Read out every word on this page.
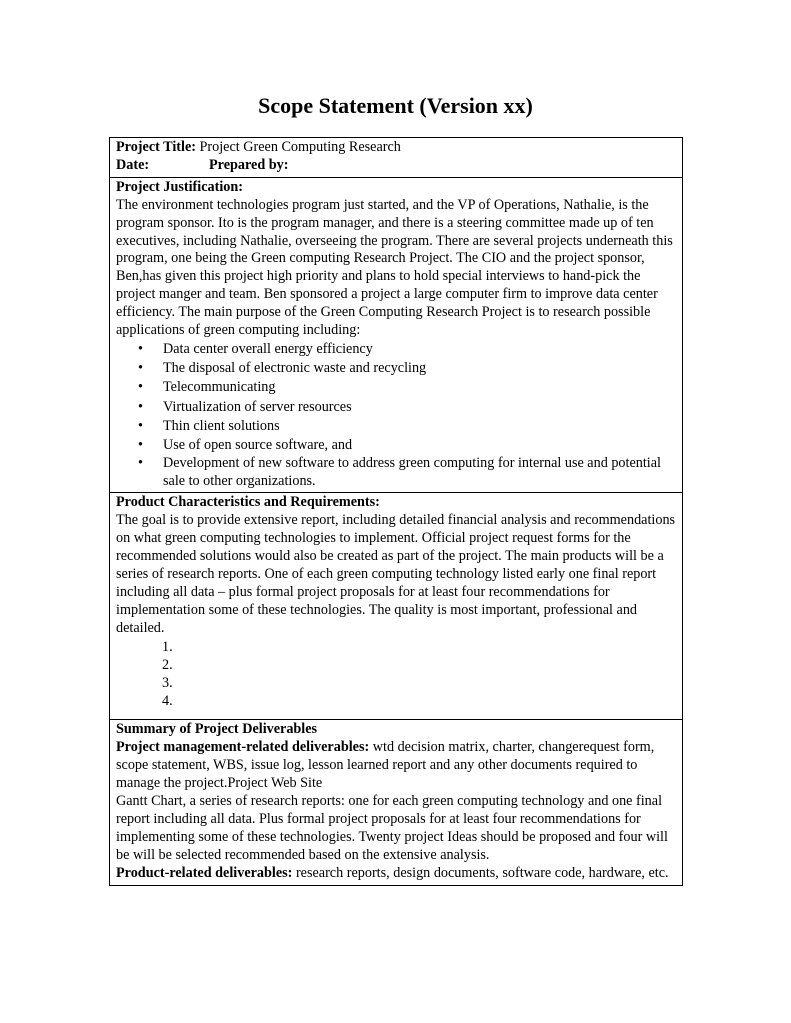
Scope Statement (Version xx)
Project Title: Project Green Computing Research
Date:	Prepared by:

Project Justification:
The environment technologies program just started, and the VP of Operations, Nathalie, is the program sponsor. Ito is the program manager, and there is a steering committee made up of ten executives, including Nathalie, overseeing the program. There are several projects underneath this program, one being the Green computing Research Project. The CIO and the project sponsor, Ben,has given this project high priority and plans to hold special interviews to hand-pick the project manger and team. Ben sponsored a project a large computer firm to improve data center efficiency. The main purpose of the Green Computing Research Project is to research possible applications of green computing including:
• Data center overall energy efficiency
• The disposal of electronic waste and recycling
• Telecommunicating
• Virtualization of server resources
• Thin client solutions
• Use of open source software, and
• Development of new software to address green computing for internal use and potential sale to other organizations.

Product Characteristics and Requirements:
The goal is to provide extensive report, including detailed financial analysis and recommendations on what green computing technologies to implement. Official project request forms for the recommended solutions would also be created as part of the project. The main products will be a series of research reports. One of each green computing technology listed early one final report including all data – plus formal project proposals for at least four recommendations for implementation some of these technologies. The quality is most important, professional and detailed.
1.
2.
3.
4.

Summary of Project Deliverables
Project management-related deliverables: wtd decision matrix, charter, changerequest form, scope statement, WBS, issue log, lesson learned report and any other documents required to manage the project.Project Web Site
Gantt Chart, a series of research reports: one for each green computing technology and one final report including all data. Plus formal project proposals for at least four recommendations for implementing some of these technologies. Twenty project Ideas should be proposed and four will be will be selected recommended based on the extensive analysis.
Product-related deliverables: research reports, design documents, software code, hardware, etc.
